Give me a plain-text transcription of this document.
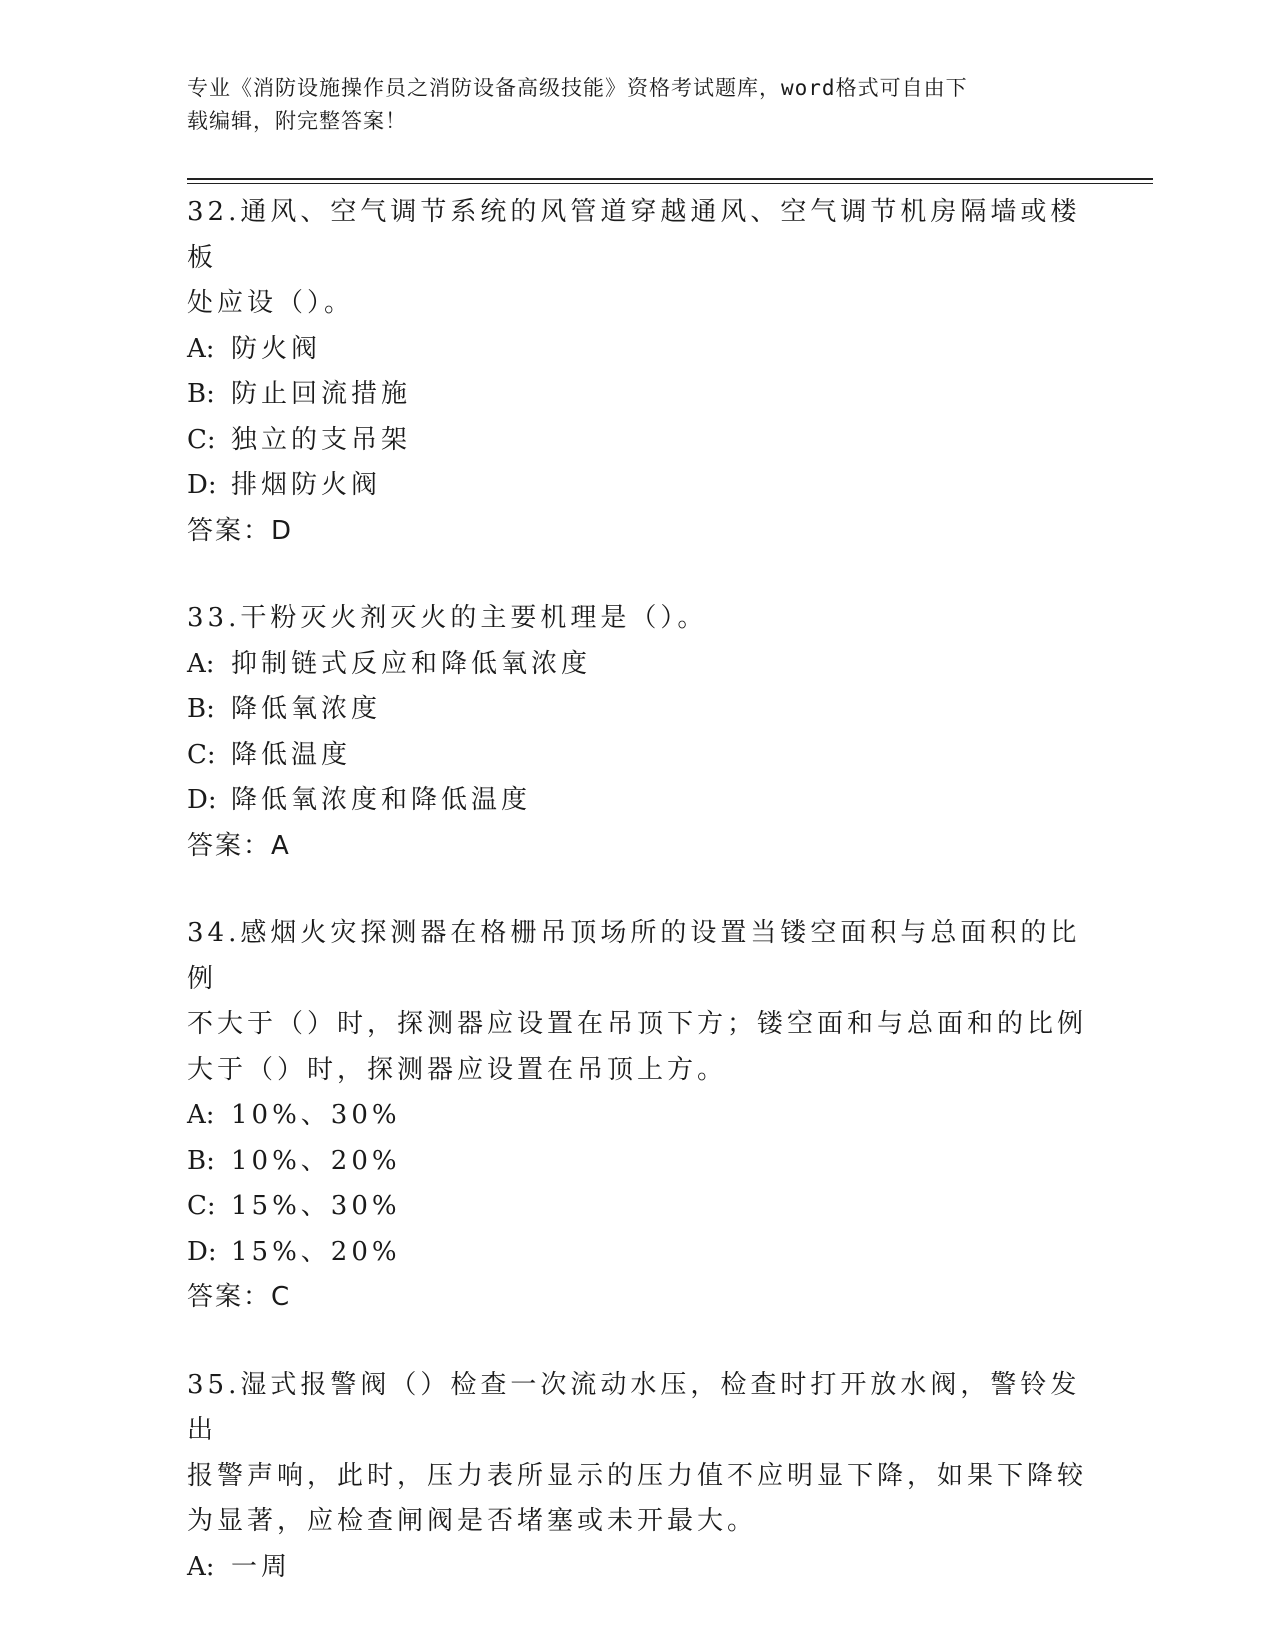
专业《消防设施操作员之消防设备高级技能》资格考试题库，word格式可自由下
载编辑，附完整答案！

32.通风、空气调节系统的风管道穿越通风、空气调节机房隔墙或楼板

处应设（）。

A: 防火阀

B: 防止回流措施

C: 独立的支吊架

D: 排烟防火阀

答案：D

33.干粉灭火剂灭火的主要机理是（）。

A: 抑制链式反应和降低氧浓度

B: 降低氧浓度

C: 降低温度

D: 降低氧浓度和降低温度

答案：A

34.感烟火灾探测器在格栅吊顶场所的设置当镂空面积与总面积的比例

不大于（）时，探测器应设置在吊顶下方；镂空面和与总面和的比例

大于（）时，探测器应设置在吊顶上方。

A: 10%、30%

B: 10%、20%

C: 15%、30%

D: 15%、20%

答案：C

35.湿式报警阀（）检查一次流动水压，检查时打开放水阀，警铃发出

报警声响，此时，压力表所显示的压力值不应明显下降，如果下降较

为显著，应检查闸阀是否堵塞或未开最大。

A: 一周
